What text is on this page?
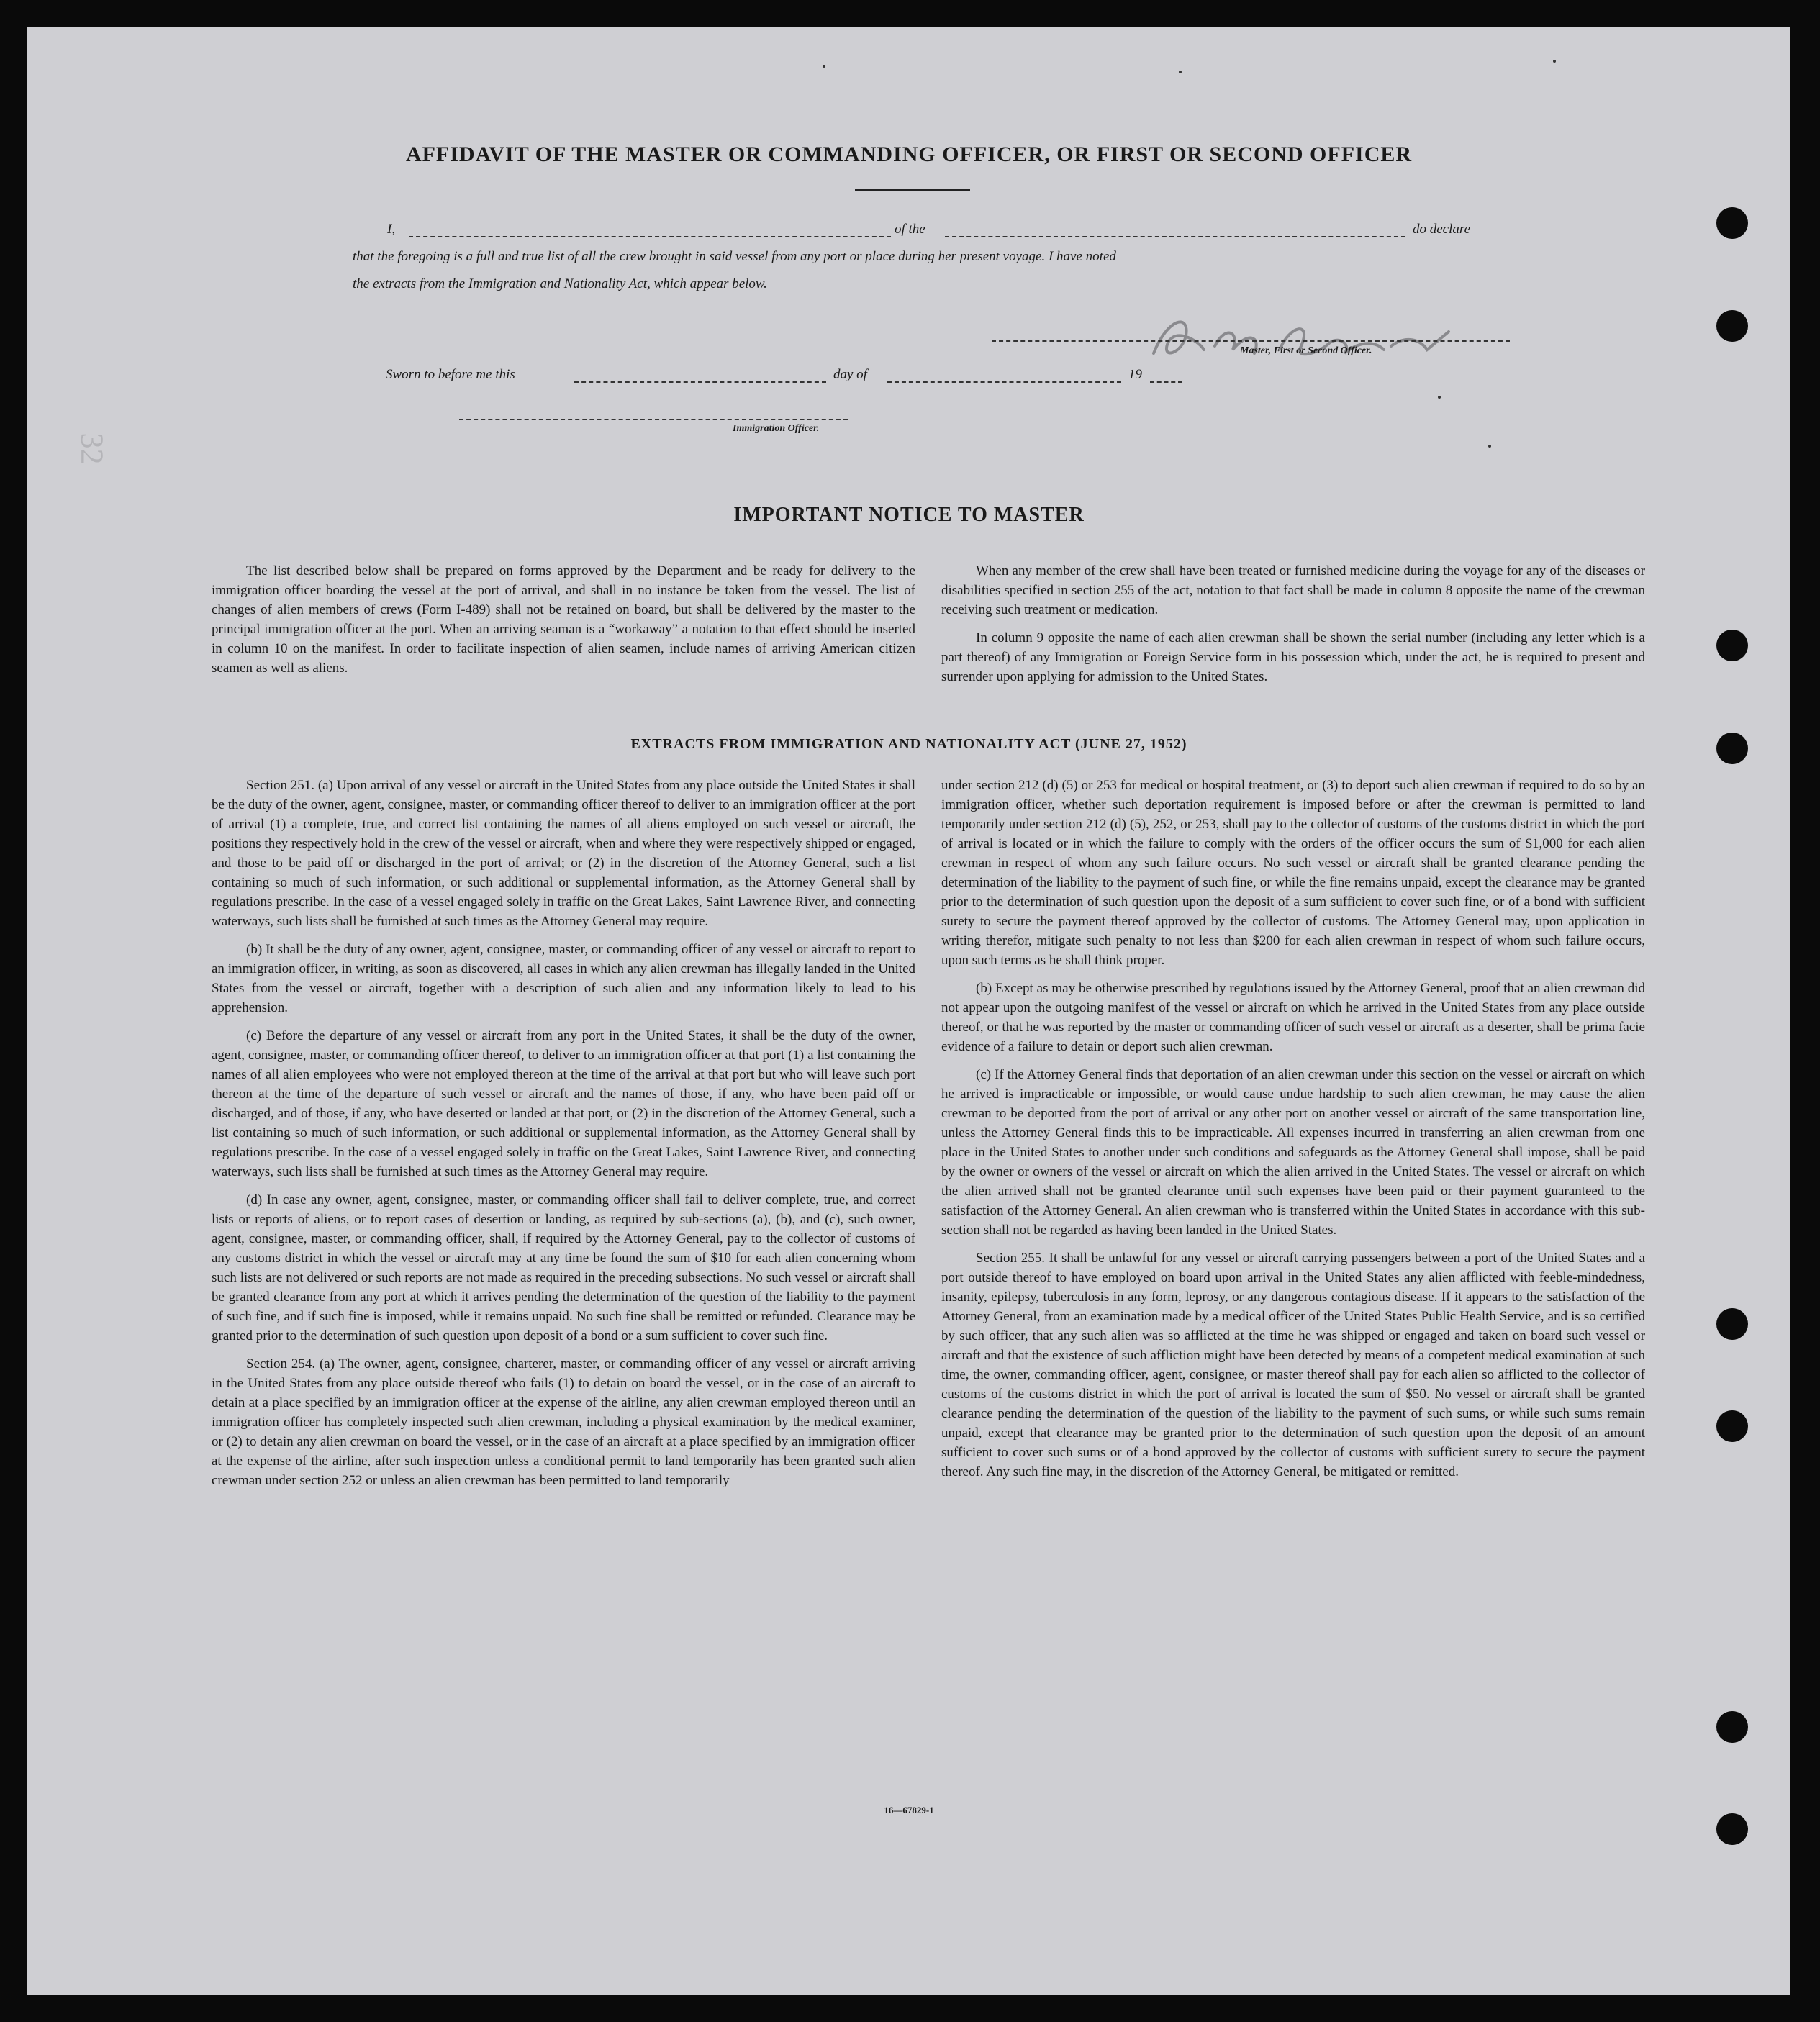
32
AFFIDAVIT OF THE MASTER OR COMMANDING OFFICER, OR FIRST OR SECOND OFFICER
I,	of the	do declare
that the foregoing is a full and true list of all the crew brought in said vessel from any port or place during her present voyage. I have noted
the extracts from the Immigration and Nationality Act, which appear below.
Master, First or Second Officer.
Sworn to before me this	day of	19
Immigration Officer.
IMPORTANT NOTICE TO MASTER

The list described below shall be prepared on forms approved by the Department and be ready for delivery to the immigration officer boarding the vessel at the port of arrival, and shall in no instance be taken from the vessel. The list of changes of alien members of crews (Form I-489) shall not be retained on board, but shall be delivered by the master to the principal immigration officer at the port. When an arriving seaman is a “workaway” a notation to that effect should be inserted in column 10 on the manifest. In order to facilitate inspection of alien seamen, include names of arriving American citizen seamen as well as aliens.

When any member of the crew shall have been treated or furnished medicine during the voyage for any of the diseases or disabilities specified in section 255 of the act, notation to that fact shall be made in column 8 opposite the name of the crewman receiving such treatment or medication.

In column 9 opposite the name of each alien crewman shall be shown the serial number (including any letter which is a part thereof) of any Immigration or Foreign Service form in his possession which, under the act, he is required to present and surrender upon applying for admission to the United States.

EXTRACTS FROM IMMIGRATION AND NATIONALITY ACT (JUNE 27, 1952)

Section 251. (a) Upon arrival of any vessel or aircraft in the United States from any place outside the United States it shall be the duty of the owner, agent, consignee, master, or commanding officer thereof to deliver to an immigration officer at the port of arrival (1) a complete, true, and correct list containing the names of all aliens employed on such vessel or aircraft, the positions they respectively hold in the crew of the vessel or aircraft, when and where they were respectively shipped or engaged, and those to be paid off or discharged in the port of arrival; or (2) in the discretion of the Attorney General, such a list containing so much of such information, or such additional or supplemental information, as the Attorney General shall by regulations prescribe. In the case of a vessel engaged solely in traffic on the Great Lakes, Saint Lawrence River, and connecting waterways, such lists shall be furnished at such times as the Attorney General may require.

(b) It shall be the duty of any owner, agent, consignee, master, or commanding officer of any vessel or aircraft to report to an immigration officer, in writing, as soon as discovered, all cases in which any alien crewman has illegally landed in the United States from the vessel or aircraft, together with a description of such alien and any information likely to lead to his apprehension.

(c) Before the departure of any vessel or aircraft from any port in the United States, it shall be the duty of the owner, agent, consignee, master, or commanding officer thereof, to deliver to an immigration officer at that port (1) a list containing the names of all alien employees who were not employed thereon at the time of the arrival at that port but who will leave such port thereon at the time of the departure of such vessel or aircraft and the names of those, if any, who have been paid off or discharged, and of those, if any, who have deserted or landed at that port, or (2) in the discretion of the Attorney General, such a list containing so much of such information, or such additional or supplemental information, as the Attorney General shall by regulations prescribe. In the case of a vessel engaged solely in traffic on the Great Lakes, Saint Lawrence River, and connecting waterways, such lists shall be furnished at such times as the Attorney General may require.

(d) In case any owner, agent, consignee, master, or commanding officer shall fail to deliver complete, true, and correct lists or reports of aliens, or to report cases of desertion or landing, as required by sub-sections (a), (b), and (c), such owner, agent, consignee, master, or commanding officer, shall, if required by the Attorney General, pay to the collector of customs of any customs district in which the vessel or aircraft may at any time be found the sum of $10 for each alien concerning whom such lists are not delivered or such reports are not made as required in the preceding subsections. No such vessel or aircraft shall be granted clearance from any port at which it arrives pending the determination of the question of the liability to the payment of such fine, and if such fine is imposed, while it remains unpaid. No such fine shall be remitted or refunded. Clearance may be granted prior to the determination of such question upon deposit of a bond or a sum sufficient to cover such fine.

Section 254. (a) The owner, agent, consignee, charterer, master, or commanding officer of any vessel or aircraft arriving in the United States from any place outside thereof who fails (1) to detain on board the vessel, or in the case of an aircraft to detain at a place specified by an immigration officer at the expense of the airline, any alien crewman employed thereon until an immigration officer has completely inspected such alien crewman, including a physical examination by the medical examiner, or (2) to detain any alien crewman on board the vessel, or in the case of an aircraft at a place specified by an immigration officer at the expense of the airline, after such inspection unless a conditional permit to land temporarily has been granted such alien crewman under section 252 or unless an alien crewman has been permitted to land temporarily

under section 212 (d) (5) or 253 for medical or hospital treatment, or (3) to deport such alien crewman if required to do so by an immigration officer, whether such deportation requirement is imposed before or after the crewman is permitted to land temporarily under section 212 (d) (5), 252, or 253, shall pay to the collector of customs of the customs district in which the port of arrival is located or in which the failure to comply with the orders of the officer occurs the sum of $1,000 for each alien crewman in respect of whom any such failure occurs. No such vessel or aircraft shall be granted clearance pending the determination of the liability to the payment of such fine, or while the fine remains unpaid, except the clearance may be granted prior to the determination of such question upon the deposit of a sum sufficient to cover such fine, or of a bond with sufficient surety to secure the payment thereof approved by the collector of customs. The Attorney General may, upon application in writing therefor, mitigate such penalty to not less than $200 for each alien crewman in respect of whom such failure occurs, upon such terms as he shall think proper.

(b) Except as may be otherwise prescribed by regulations issued by the Attorney General, proof that an alien crewman did not appear upon the outgoing manifest of the vessel or aircraft on which he arrived in the United States from any place outside thereof, or that he was reported by the master or commanding officer of such vessel or aircraft as a deserter, shall be prima facie evidence of a failure to detain or deport such alien crewman.

(c) If the Attorney General finds that deportation of an alien crewman under this section on the vessel or aircraft on which he arrived is impracticable or impossible, or would cause undue hardship to such alien crewman, he may cause the alien crewman to be deported from the port of arrival or any other port on another vessel or aircraft of the same transportation line, unless the Attorney General finds this to be impracticable. All expenses incurred in transferring an alien crewman from one place in the United States to another under such conditions and safeguards as the Attorney General shall impose, shall be paid by the owner or owners of the vessel or aircraft on which the alien arrived in the United States. The vessel or aircraft on which the alien arrived shall not be granted clearance until such expenses have been paid or their payment guaranteed to the satisfaction of the Attorney General. An alien crewman who is transferred within the United States in accordance with this sub-section shall not be regarded as having been landed in the United States.

Section 255. It shall be unlawful for any vessel or aircraft carrying passengers between a port of the United States and a port outside thereof to have employed on board upon arrival in the United States any alien afflicted with feeble-mindedness, insanity, epilepsy, tuberculosis in any form, leprosy, or any dangerous contagious disease. If it appears to the satisfaction of the Attorney General, from an examination made by a medical officer of the United States Public Health Service, and is so certified by such officer, that any such alien was so afflicted at the time he was shipped or engaged and taken on board such vessel or aircraft and that the existence of such affliction might have been detected by means of a competent medical examination at such time, the owner, commanding officer, agent, consignee, or master thereof shall pay for each alien so afflicted to the collector of customs of the customs district in which the port of arrival is located the sum of $50. No vessel or aircraft shall be granted clearance pending the determination of the question of the liability to the payment of such sums, or while such sums remain unpaid, except that clearance may be granted prior to the determination of such question upon the deposit of an amount sufficient to cover such sums or of a bond approved by the collector of customs with sufficient surety to secure the payment thereof. Any such fine may, in the discretion of the Attorney General, be mitigated or remitted.

16—67829-1
